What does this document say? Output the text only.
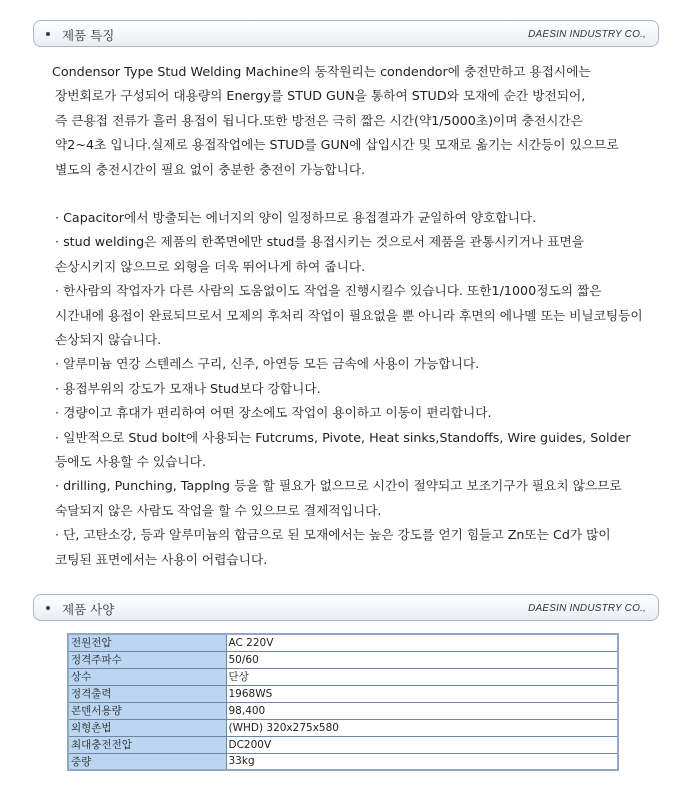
제품 특징	DAESIN INDUSTRY CO.,
Condensor Type Stud Welding Machine의 동작원리는 condendor에 충전만하고 용접시에는
장번회로가 구성되어 대용량의 Energy를 STUD GUN을 통하여 STUD와 모재에 순간 방전되어,
즉 큰용접 전류가 흘러 용접이 됩니다.또한 방전은 극히 짧은 시간(약1/5000초)이며 충전시간은
약2~4초 입니다.실제로 용접작업에는 STUD를 GUN에 삽입시간 및 모재로 옮기는 시간등이 있으므로
별도의 충전시간이 필요 없이 충분한 충전이 가능합니다.
· Capacitor에서 방출되는 에너지의 양이 일정하므로 용접결과가 균일하여 양호합니다.
· stud welding은 제품의 한쪽면에만 stud를 용접시키는 것으로서 제품을 관통시키거나 표면을
손상시키지 않으므로 외형을 더욱 뛰어나게 하여 줍니다.
· 한사람의 작업자가 다른 사람의 도움없이도 작업을 진행시킬수 있습니다. 또한1/1000정도의 짧은
시간내에 용접이 완료되므로서 모제의 후처리 작업이 필요없을 뿐 아니라 후면의 에나멜 또는 비닐코팅등이
손상되지 않습니다.
· 알루미늄 연강 스텐레스 구리, 신주, 아연등 모든 금속에 사용이 가능합니다.
· 용접부위의 강도가 모재나 Stud보다 강합니다.
· 경량이고 휴대가 편리하여 어떤 장소에도 작업이 용이하고 이동이 편리합니다.
· 일반적으로 Stud bolt에 사용되는 Futcrums, Pivote, Heat sinks,Standoffs, Wire guides, Solder
등에도 사용할 수 있습니다.
· drilling, Punching, Tapplng 등을 할 필요가 없으므로 시간이 절약되고 보조기구가 필요치 않으므로
숙달되지 않은 사람도 작업을 할 수 있으므로 결제적입니다.
· 단, 고탄소강, 등과 알루미늄의 합금으로 된 모재에서는 높은 강도를 얻기 힘들고 Zn또는 Cd가 많이
코팅된 표면에서는 사용이 어렵습니다.
제품 사양	DAESIN INDUSTRY CO.,
전원전압	AC 220V
정격주파수	50/60
상수	단상
정격출력	1968WS
콘덴서용량	98,400
외형촌법	(WHD) 320x275x580
최대충전전압	DC200V
중량	33kg
